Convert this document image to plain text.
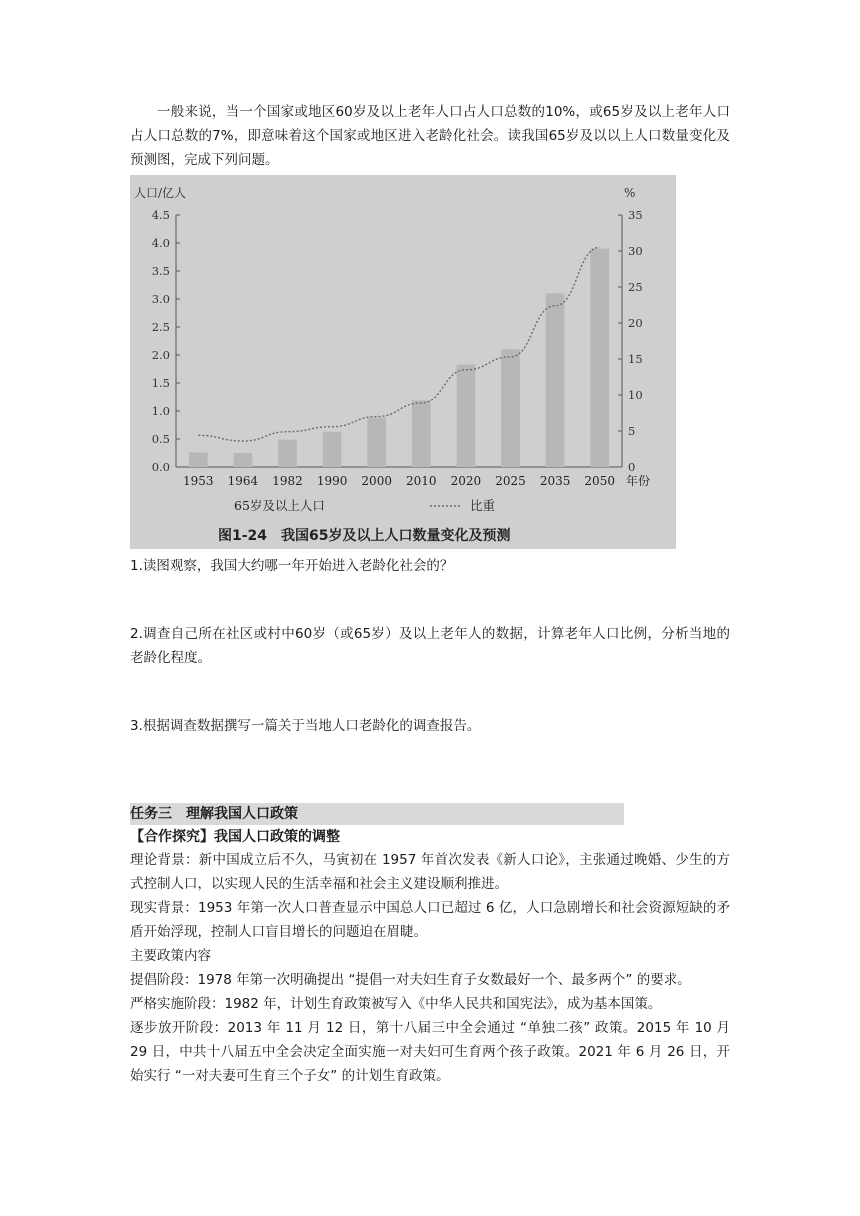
一般来说，当一个国家或地区60岁及以上老年人口占人口总数的10%，或65岁及以上老年人口占人口总数的7%，即意味着这个国家或地区进入老龄化社会。读我国65岁及以以上人口数量变化及预测图，完成下列问题。

人口/亿人	%
0.0
0.5
1.0
1.5
2.0
2.5
3.0
3.5
4.0
4.5
0
5
10
15
20
25
30
35
1953 1964 1982 1990 2000 2010 2020 2025 2035 2050 年份
65岁及以上人口	比重
图1-24　我国65岁及以上人口数量变化及预测

1.读图观察，我国大约哪一年开始进入老龄化社会的？

2.调查自己所在社区或村中60岁（或65岁）及以上老年人的数据，计算老年人口比例，分析当地的老龄化程度。

3.根据调查数据撰写一篇关于当地人口老龄化的调查报告。

任务三　理解我国人口政策
【合作探究】我国人口政策的调整

理论背景：新中国成立后不久，马寅初在 1957 年首次发表《新人口论》，主张通过晚婚、少生的方式控制人口，以实现人民的生活幸福和社会主义建设顺利推进。

现实背景：1953 年第一次人口普查显示中国总人口已超过 6 亿，人口急剧增长和社会资源短缺的矛盾开始浮现，控制人口盲目增长的问题迫在眉睫。

主要政策内容

提倡阶段：1978 年第一次明确提出 “提倡一对夫妇生育子女数最好一个、最多两个” 的要求。

严格实施阶段：1982 年，计划生育政策被写入《中华人民共和国宪法》，成为基本国策。

逐步放开阶段：2013 年 11 月 12 日，第十八届三中全会通过 “单独二孩” 政策。2015 年 10 月 29 日，中共十八届五中全会决定全面实施一对夫妇可生育两个孩子政策。2021 年 6 月 26 日，开始实行 “一对夫妻可生育三个子女” 的计划生育政策。
